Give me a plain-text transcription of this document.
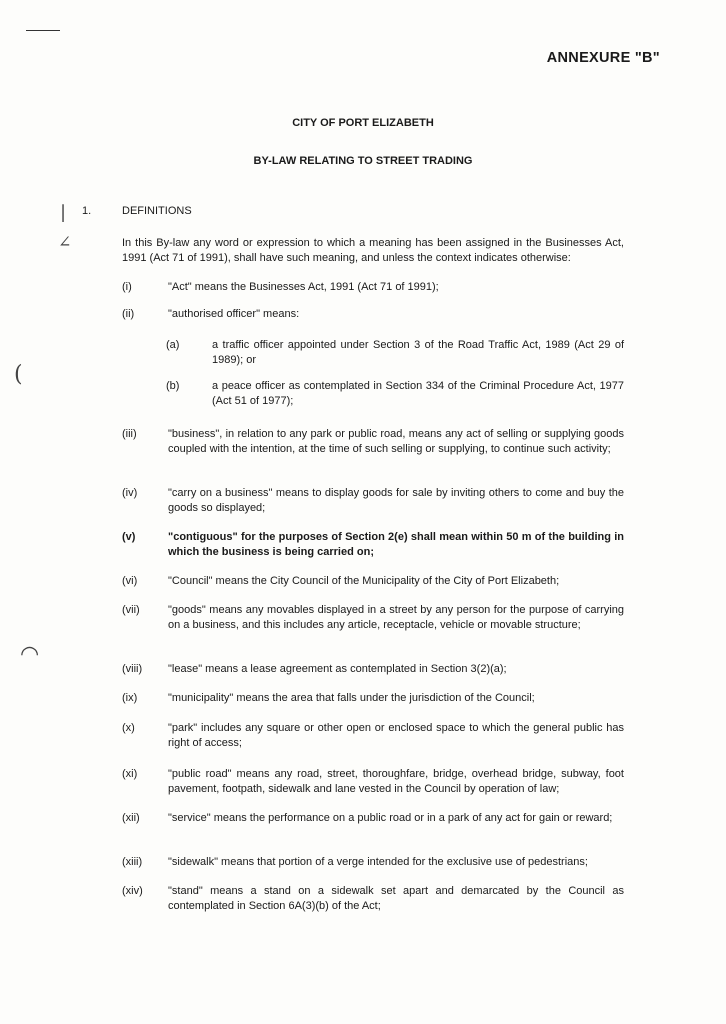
|
∠
(
◠
ANNEXURE "B"
CITY OF PORT ELIZABETH
BY-LAW RELATING TO STREET TRADING
1.	DEFINITIONS
In this By-law any word or expression to which a meaning has been assigned in the Businesses Act, 1991 (Act 71 of 1991), shall have such meaning, and unless the context indicates otherwise:
(i)	"Act" means the Businesses Act, 1991 (Act 71 of 1991);
(ii)	"authorised officer" means:
(a)	a traffic officer appointed under Section 3 of the Road Traffic Act, 1989 (Act 29 of 1989); or
(b)	a peace officer as contemplated in Section 334 of the Criminal Procedure Act, 1977 (Act 51 of 1977);
(iii)	"business", in relation to any park or public road, means any act of selling or supplying goods coupled with the intention, at the time of such selling or supplying, to continue such activity;
(iv)	"carry on a business" means to display goods for sale by inviting others to come and buy the goods so displayed;
(v)	"contiguous" for the purposes of Section 2(e) shall mean within 50 m of the building in which the business is being carried on;
(vi)	"Council" means the City Council of the Municipality of the City of Port Elizabeth;
(vii)	"goods" means any movables displayed in a street by any person for the purpose of carrying on a business, and this includes any article, receptacle, vehicle or movable structure;
(viii) "lease" means a lease agreement as contemplated in Section 3(2)(a);
(ix)	"municipality" means the area that falls under the jurisdiction of the Council;
(x)	"park" includes any square or other open or enclosed space to which the general public has right of access;
(xi)	"public road" means any road, street, thoroughfare, bridge, overhead bridge, subway, foot pavement, footpath, sidewalk and lane vested in the Council by operation of law;
(xii)	"service" means the performance on a public road or in a park of any act for gain or reward;
(xiii) "sidewalk" means that portion of a verge intended for the exclusive use of pedestrians;
(xiv) "stand" means a stand on a sidewalk set apart and demarcated by the Council as contemplated in Section 6A(3)(b) of the Act;
